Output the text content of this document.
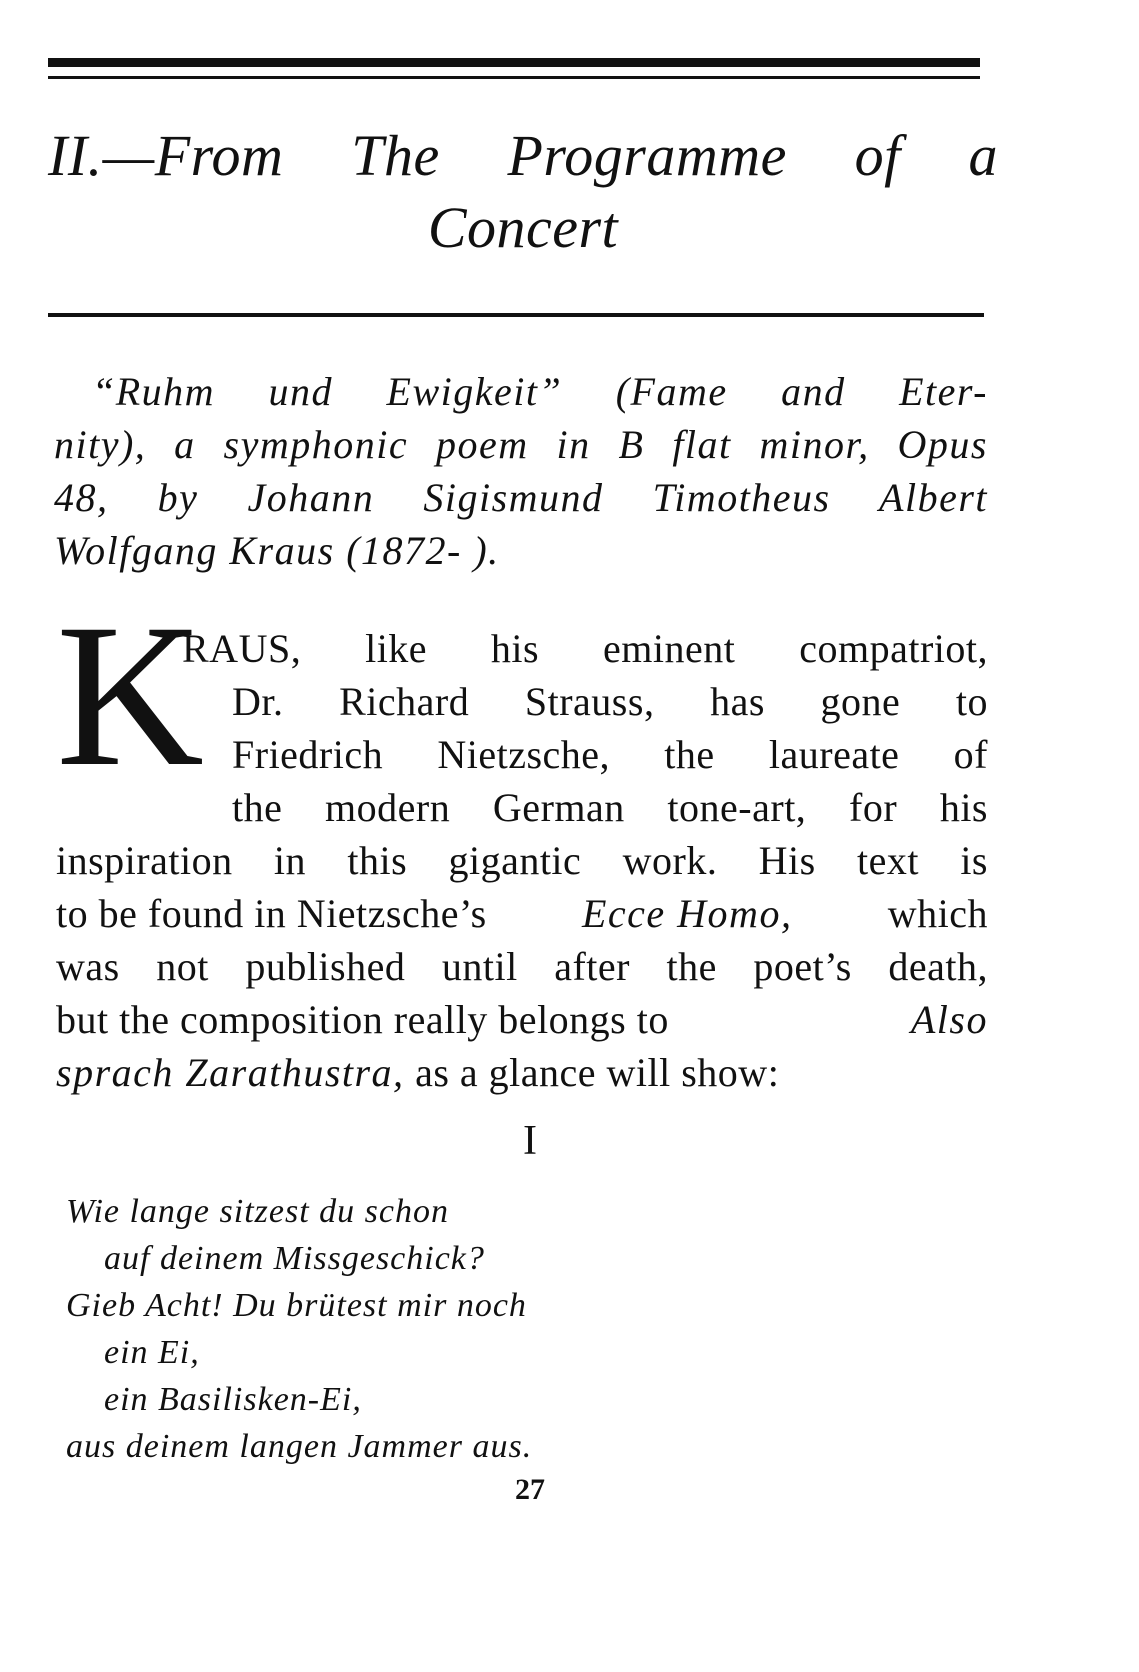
II.—From The Programme of a
Concert

“Ruhm und Ewigkeit” (Fame and Eter-
nity), a symphonic poem in B flat minor, Opus
48, by Johann Sigismund Timotheus Albert
Wolfgang Kraus (1872- ).

K
RAUS, like his eminent compatriot,
Dr. Richard Strauss, has gone to
Friedrich Nietzsche, the laureate of
the modern German tone-art, for his
inspiration in this gigantic work. His text is
to be found in Nietzsche’s Ecce Homo, which
was not published until after the poet’s death,
but the composition really belongs to	Also
sprach Zarathustra, as a glance will show:
I
Wie lange sitzest du schon
auf deinem Missgeschick?
Gieb Acht! Du brütest mir noch
ein Ei,
ein Basilisken-Ei,
aus deinem langen Jammer aus.
27
